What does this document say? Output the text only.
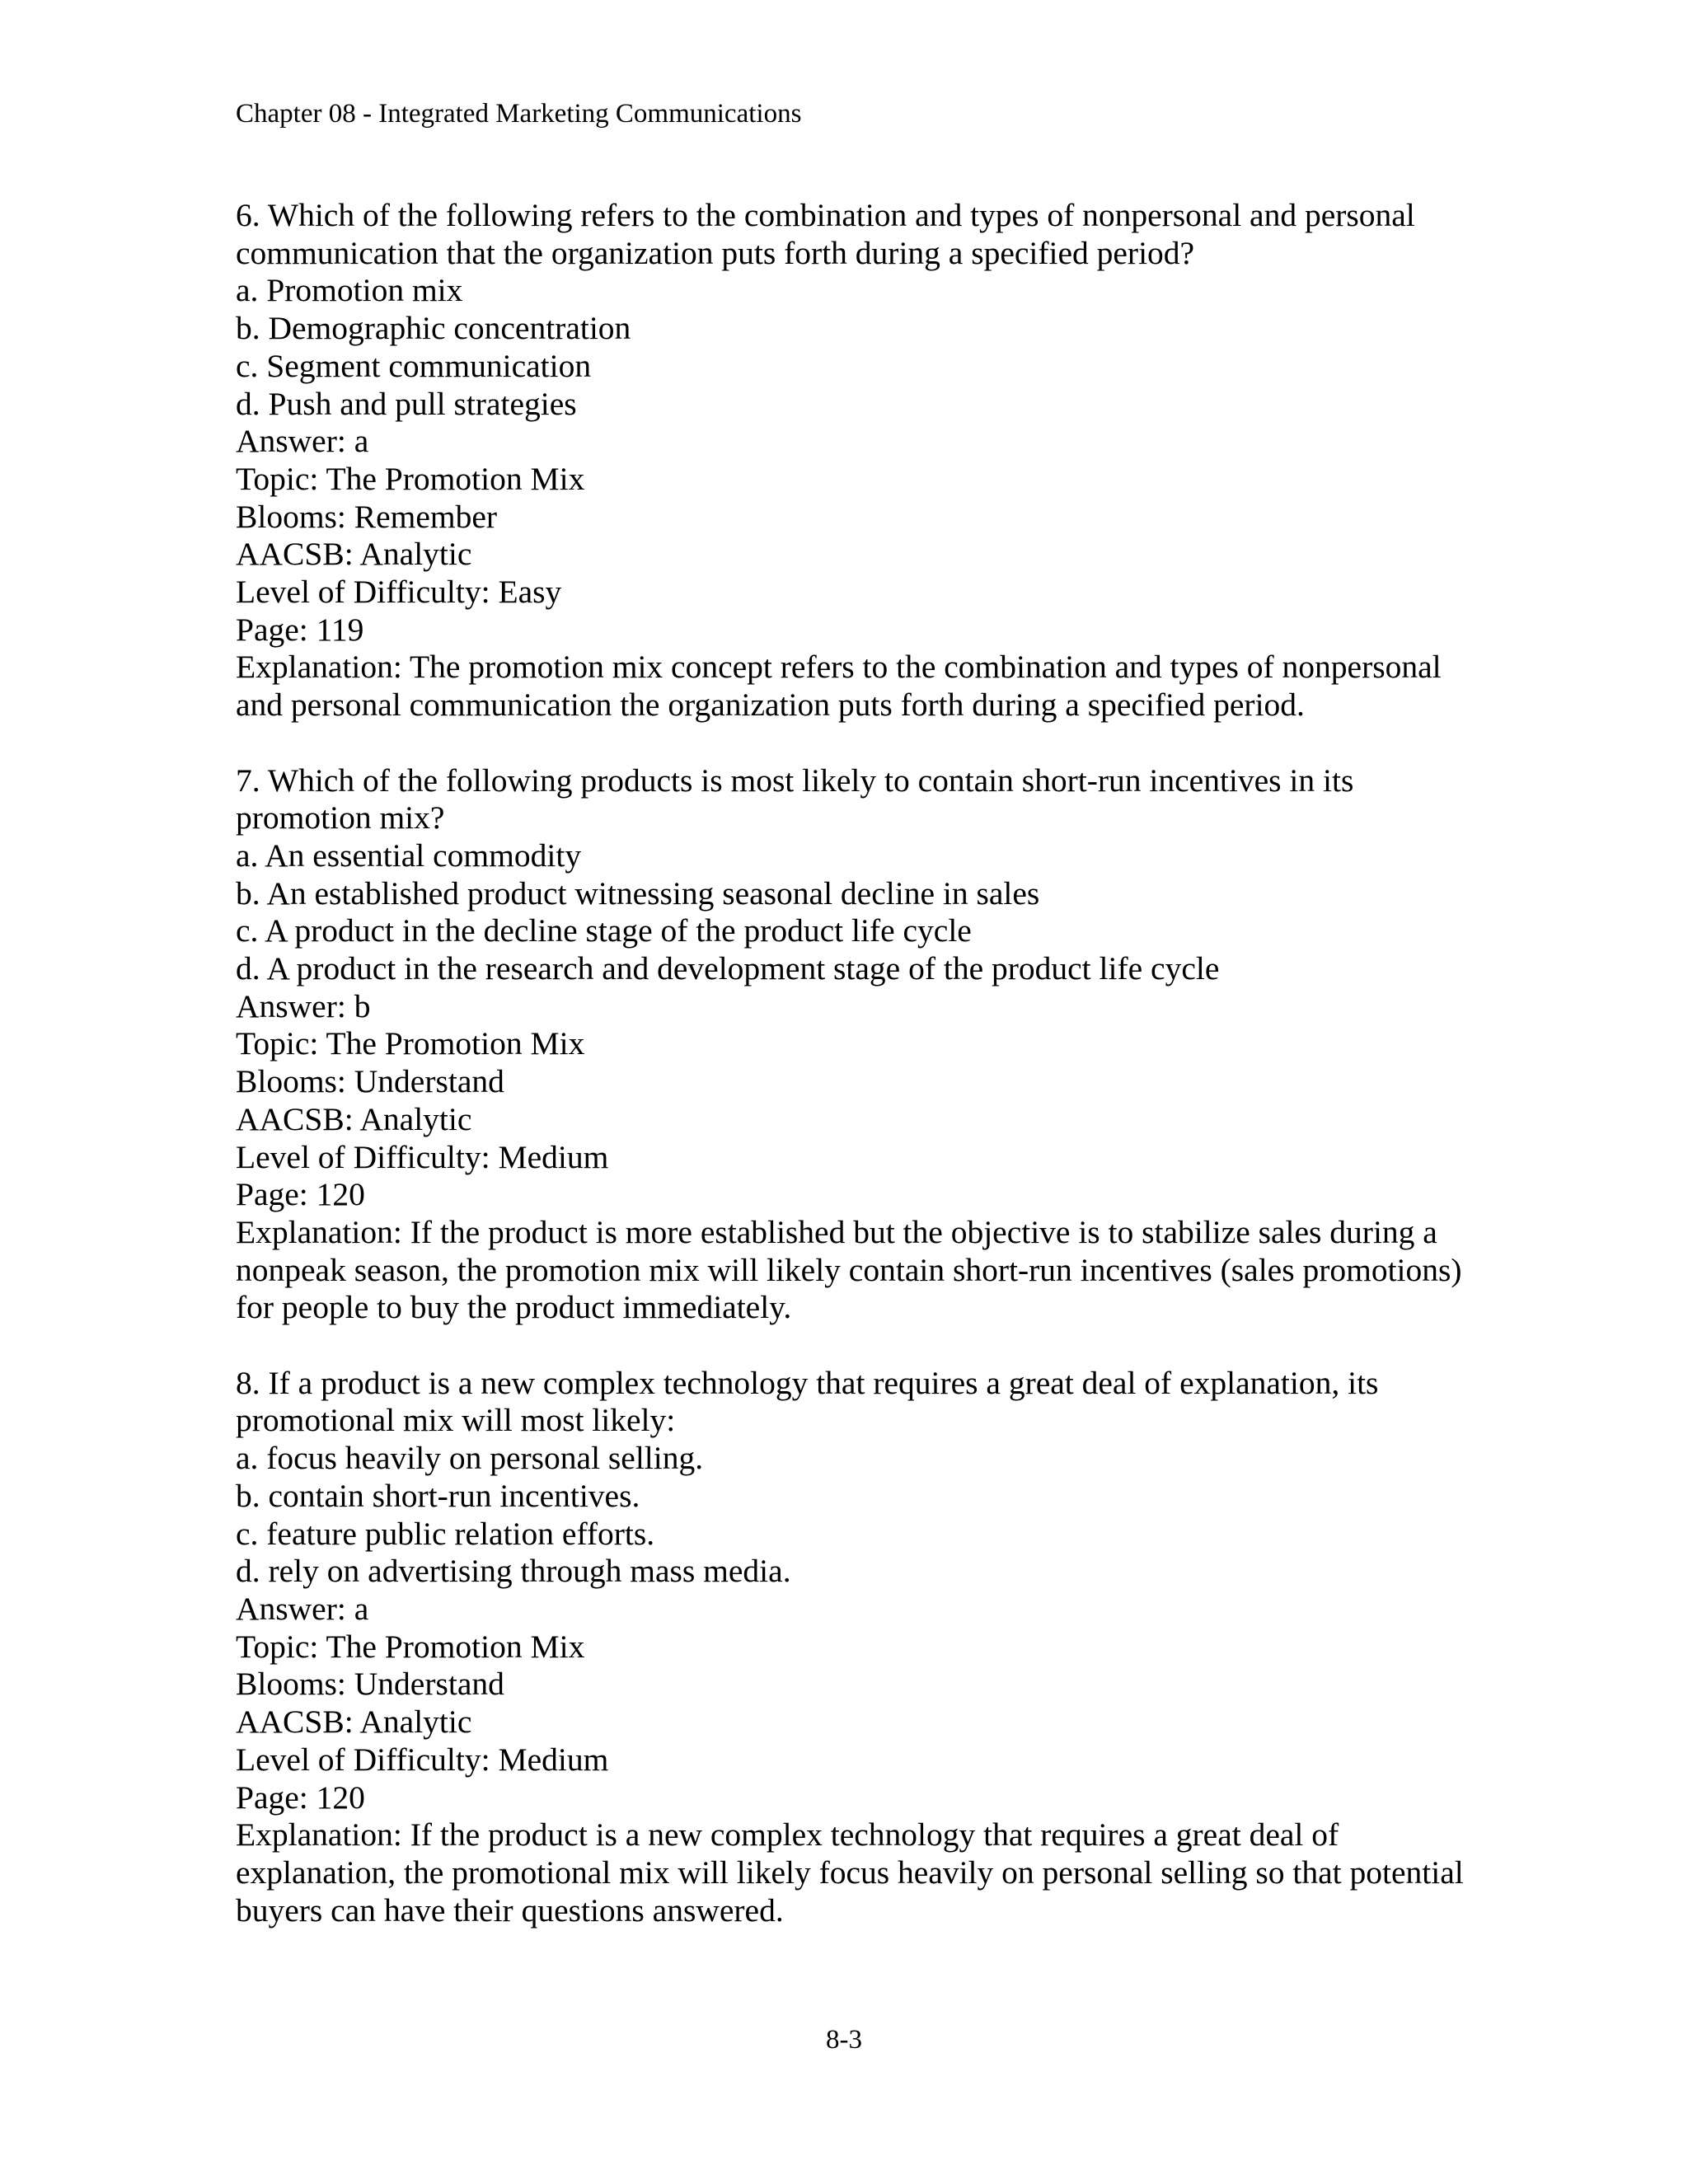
Chapter 08 - Integrated Marketing Communications
6. Which of the following refers to the combination and types of nonpersonal and personal
communication that the organization puts forth during a specified period?
a. Promotion mix
b. Demographic concentration
c. Segment communication
d. Push and pull strategies
Answer: a
Topic: The Promotion Mix
Blooms: Remember
AACSB: Analytic
Level of Difficulty: Easy
Page: 119
Explanation: The promotion mix concept refers to the combination and types of nonpersonal
and personal communication the organization puts forth during a specified period.
7. Which of the following products is most likely to contain short-run incentives in its
promotion mix?
a. An essential commodity
b. An established product witnessing seasonal decline in sales
c. A product in the decline stage of the product life cycle
d. A product in the research and development stage of the product life cycle
Answer: b
Topic: The Promotion Mix
Blooms: Understand
AACSB: Analytic
Level of Difficulty: Medium
Page: 120
Explanation: If the product is more established but the objective is to stabilize sales during a
nonpeak season, the promotion mix will likely contain short-run incentives (sales promotions)
for people to buy the product immediately.
8. If a product is a new complex technology that requires a great deal of explanation, its
promotional mix will most likely:
a. focus heavily on personal selling.
b. contain short-run incentives.
c. feature public relation efforts.
d. rely on advertising through mass media.
Answer: a
Topic: The Promotion Mix
Blooms: Understand
AACSB: Analytic
Level of Difficulty: Medium
Page: 120
Explanation: If the product is a new complex technology that requires a great deal of
explanation, the promotional mix will likely focus heavily on personal selling so that potential
buyers can have their questions answered.
8-3
